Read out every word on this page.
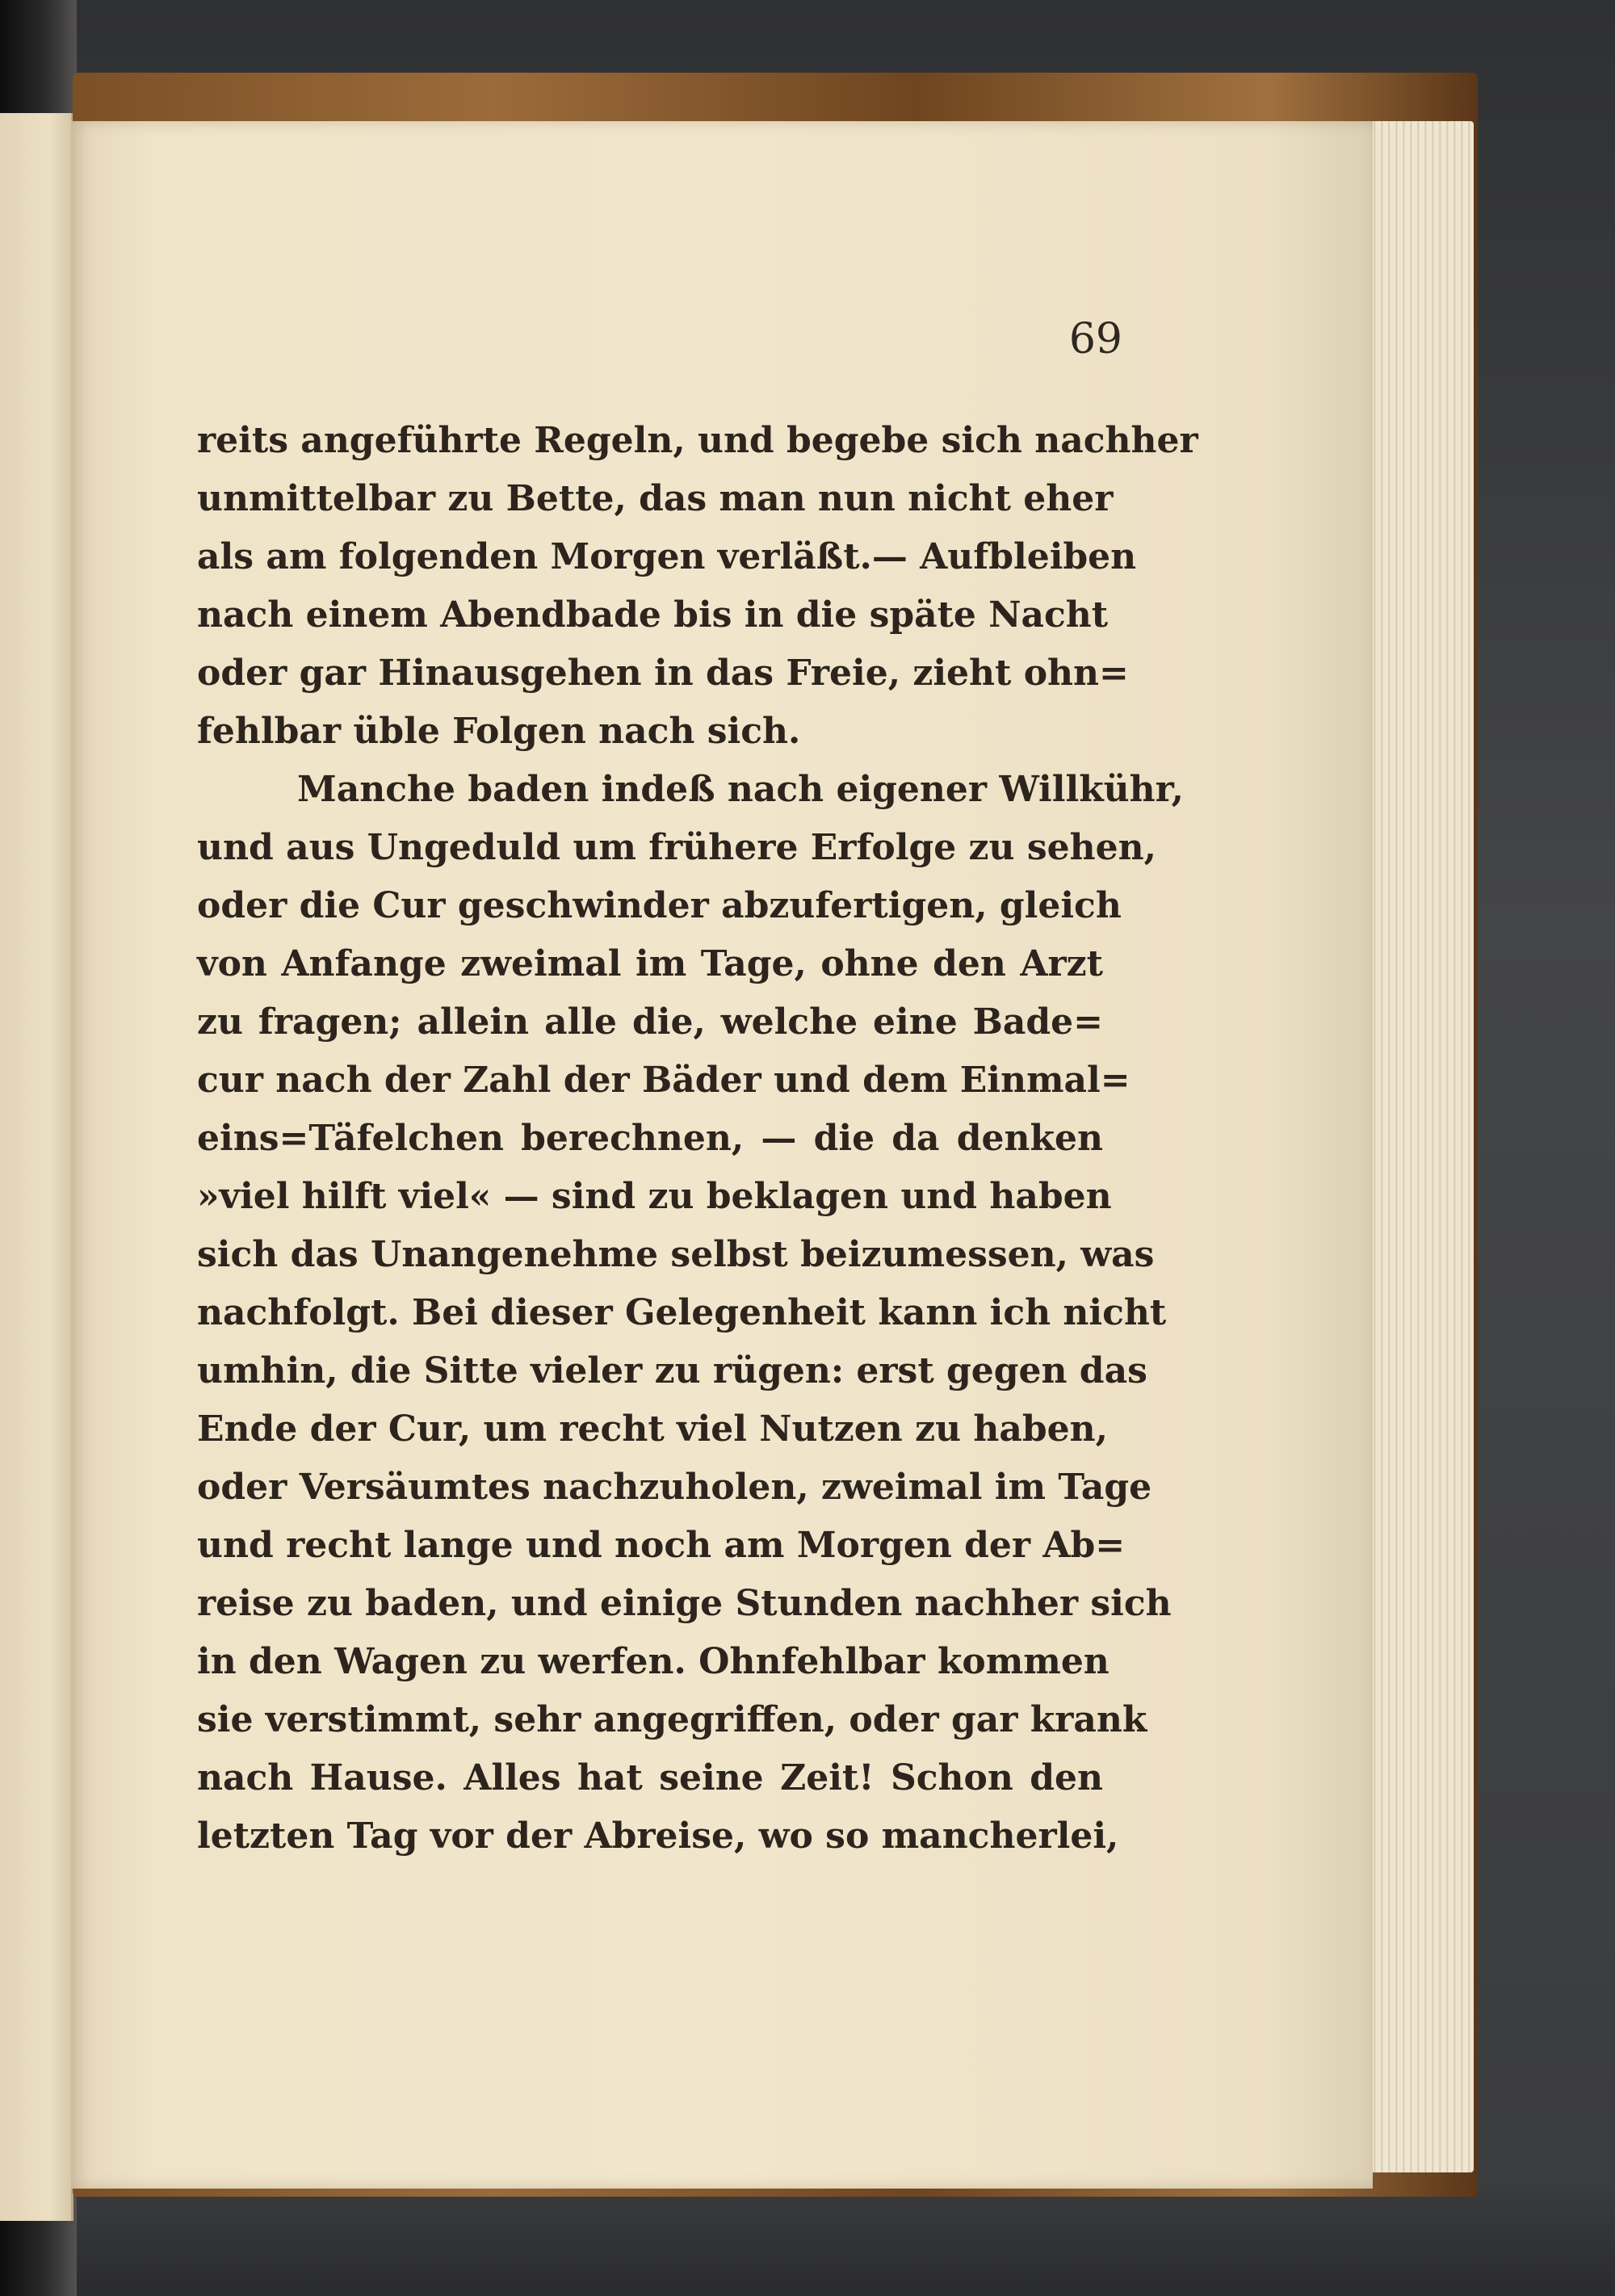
69
reits angeführte Regeln, und begebe sich nachher
unmittelbar zu Bette, das man nun nicht eher
als am folgenden Morgen verläßt.— Aufbleiben
nach einem Abendbade bis in die späte Nacht
oder gar Hinausgehen in das Freie, zieht ohn=
fehlbar üble Folgen nach sich.
Manche baden indeß nach eigener Willkühr,
und aus Ungeduld um frühere Erfolge zu sehen,
oder die Cur geschwinder abzufertigen, gleich
von Anfange zweimal im Tage, ohne den Arzt
zu fragen; allein alle die, welche eine Bade=
cur nach der Zahl der Bäder und dem Einmal=
eins=Täfelchen berechnen, — die da denken
»viel hilft viel« — sind zu beklagen und haben
sich das Unangenehme selbst beizumessen, was
nachfolgt. Bei dieser Gelegenheit kann ich nicht
umhin, die Sitte vieler zu rügen: erst gegen das
Ende der Cur, um recht viel Nutzen zu haben,
oder Versäumtes nachzuholen, zweimal im Tage
und recht lange und noch am Morgen der Ab=
reise zu baden, und einige Stunden nachher sich
in den Wagen zu werfen. Ohnfehlbar kommen
sie verstimmt, sehr angegriffen, oder gar krank
nach Hause. Alles hat seine Zeit! Schon den
letzten Tag vor der Abreise, wo so mancherlei,
